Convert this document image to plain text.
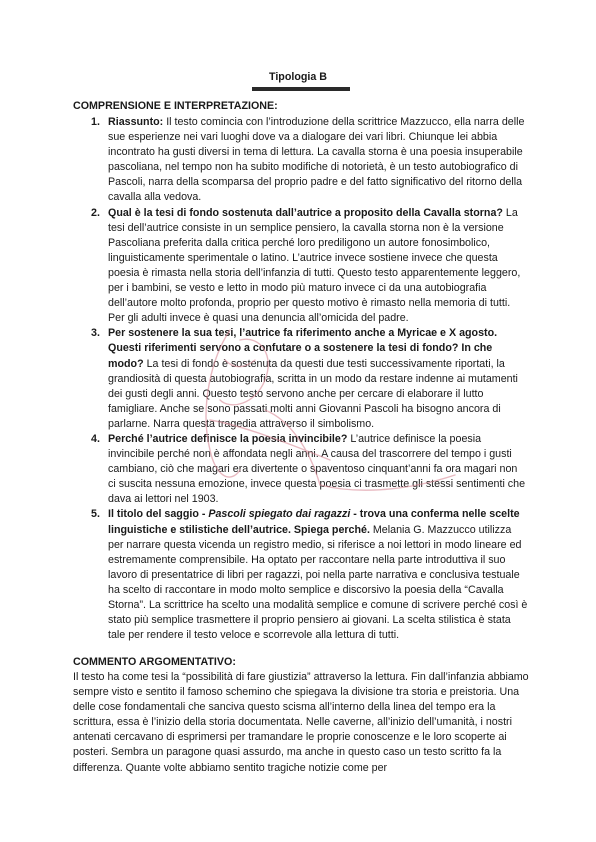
Tipologia B
COMPRENSIONE E INTERPRETAZIONE:
1. Riassunto: Il testo comincia con l’introduzione della scrittrice Mazzucco, ella narra delle sue esperienze nei vari luoghi dove va a dialogare dei vari libri. Chiunque lei abbia incontrato ha gusti diversi in tema di lettura. La cavalla storna è una poesia insuperabile pascoliana, nel tempo non ha subito modifiche di notorietà, è un testo autobiografico di Pascoli, narra della scomparsa del proprio padre e del fatto significativo del ritorno della cavalla alla vedova.

2. Qual è la tesi di fondo sostenuta dall’autrice a proposito della Cavalla storna? La tesi dell’autrice consiste in un semplice pensiero, la cavalla storna non è la versione Pascoliana preferita dalla critica perché loro prediligono un autore fonosimbolico, linguisticamente sperimentale o latino. L’autrice invece sostiene invece che questa poesia è rimasta nella storia dell’infanzia di tutti. Questo testo apparentemente leggero, per i bambini, se vesto e letto in modo più maturo invece ci da una autobiografia dell’autore molto profonda, proprio per questo motivo è rimasto nella memoria di tutti. Per gli adulti invece è quasi una denuncia all’omicida del padre.

3. Per sostenere la sua tesi, l’autrice fa riferimento anche a Myricae e X agosto. Questi riferimenti servono a confutare o a sostenere la tesi di fondo? In che modo? La tesi di fondo è sostenuta da questi due testi successivamente riportati, la grandiosità di questa autobiografia, scritta in un modo da restare indenne ai mutamenti dei gusti degli anni. Questo testo servono anche per cercare di elaborare il lutto famigliare. Anche se sono passati molti anni Giovanni Pascoli ha bisogno ancora di parlarne. Narra questa tragedia attraverso il simbolismo.

4. Perché l’autrice definisce la poesia invincibile? L’autrice definisce la poesia invincibile perché non è affondata negli anni. A causa del trascorrere del tempo i gusti cambiano, ciò che magari era divertente o spaventoso cinquant’anni fa ora magari non ci suscita nessuna emozione, invece questa poesia ci trasmette gli stessi sentimenti che dava ai lettori nel 1903.

5. Il titolo del saggio - Pascoli spiegato dai ragazzi - trova una conferma nelle scelte linguistiche e stilistiche dell’autrice. Spiega perché. Melania G. Mazzucco utilizza per narrare questa vicenda un registro medio, si riferisce a noi lettori in modo lineare ed estremamente comprensibile. Ha optato per raccontare nella parte introduttiva il suo lavoro di presentatrice di libri per ragazzi, poi nella parte narrativa e conclusiva testuale ha scelto di raccontare in modo molto semplice e discorsivo la poesia della “Cavalla Storna”. La scrittrice ha scelto una modalità semplice e comune di scrivere perché così è stato più semplice trasmettere il proprio pensiero ai giovani. La scelta stilistica è stata tale per rendere il testo veloce e scorrevole alla lettura di tutti.

COMMENTO ARGOMENTATIVO:
Il testo ha come tesi la “possibilità di fare giustizia” attraverso la lettura. Fin dall’infanzia abbiamo sempre visto e sentito il famoso schemino che spiegava la divisione tra storia e preistoria. Una delle cose fondamentali che sanciva questo scisma all’interno della linea del tempo era la scrittura, essa è l’inizio della storia documentata. Nelle caverne, all’inizio dell’umanità, i nostri antenati cercavano di esprimersi per tramandare le proprie conoscenze e le loro scoperte ai posteri. Sembra un paragone quasi assurdo, ma anche in questo caso un testo scritto fa la differenza. Quante volte abbiamo sentito tragiche notizie come per
